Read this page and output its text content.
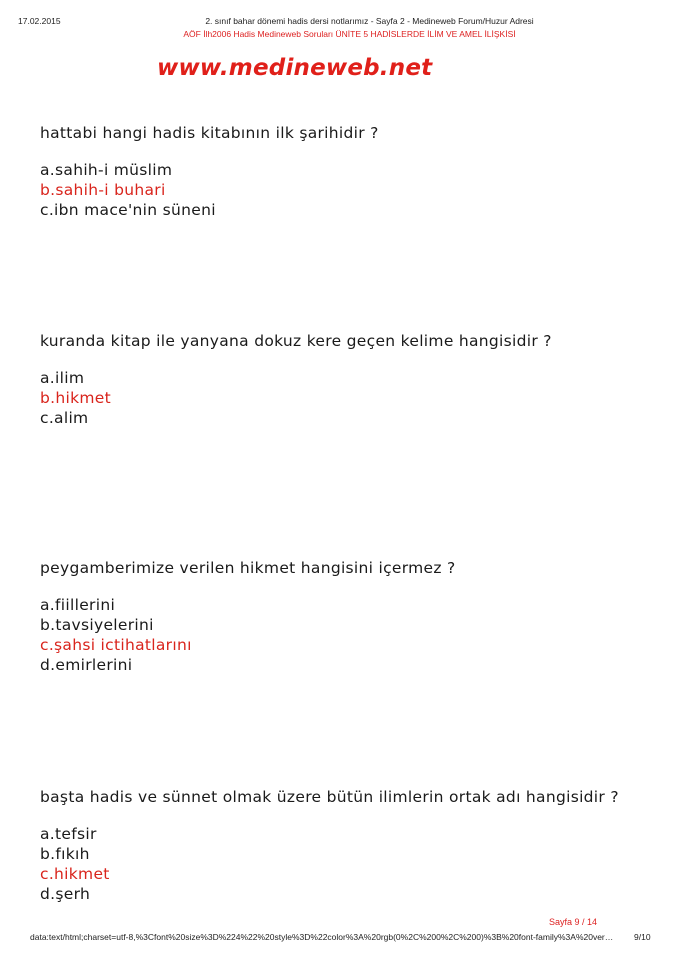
17.02.2015	2. sınıf bahar dönemi hadis dersi notlarımız - Sayfa 2 - Medineweb Forum/Huzur Adresi
AÖF İlh2006 Hadis Medineweb Soruları ÜNİTE 5 HADİSLERDE İLİM VE AMEL İLİŞKİSİ
www.medineweb.net
hattabi hangi hadis kitabının ilk şarihidir ?
a.sahih-i müslim
b.sahih-i buhari
c.ibn mace'nin süneni
kuranda kitap ile yanyana dokuz kere geçen kelime hangisidir ?
a.ilim
b.hikmet
c.alim
peygamberimize verilen hikmet hangisini içermez ?
a.fiillerini
b.tavsiyelerini
c.şahsi ictihatlarını
d.emirlerini
başta hadis ve sünnet olmak üzere bütün ilimlerin ortak adı hangisidir ?
a.tefsir
b.fıkıh
c.hikmet
d.şerh
Sayfa 9 / 14
data:text/html;charset=utf-8,%3Cfont%20size%3D%224%22%20style%3D%22color%3A%20rgb(0%2C%200%2C%200)%3B%20font-family%3A%20ver…	9/10
